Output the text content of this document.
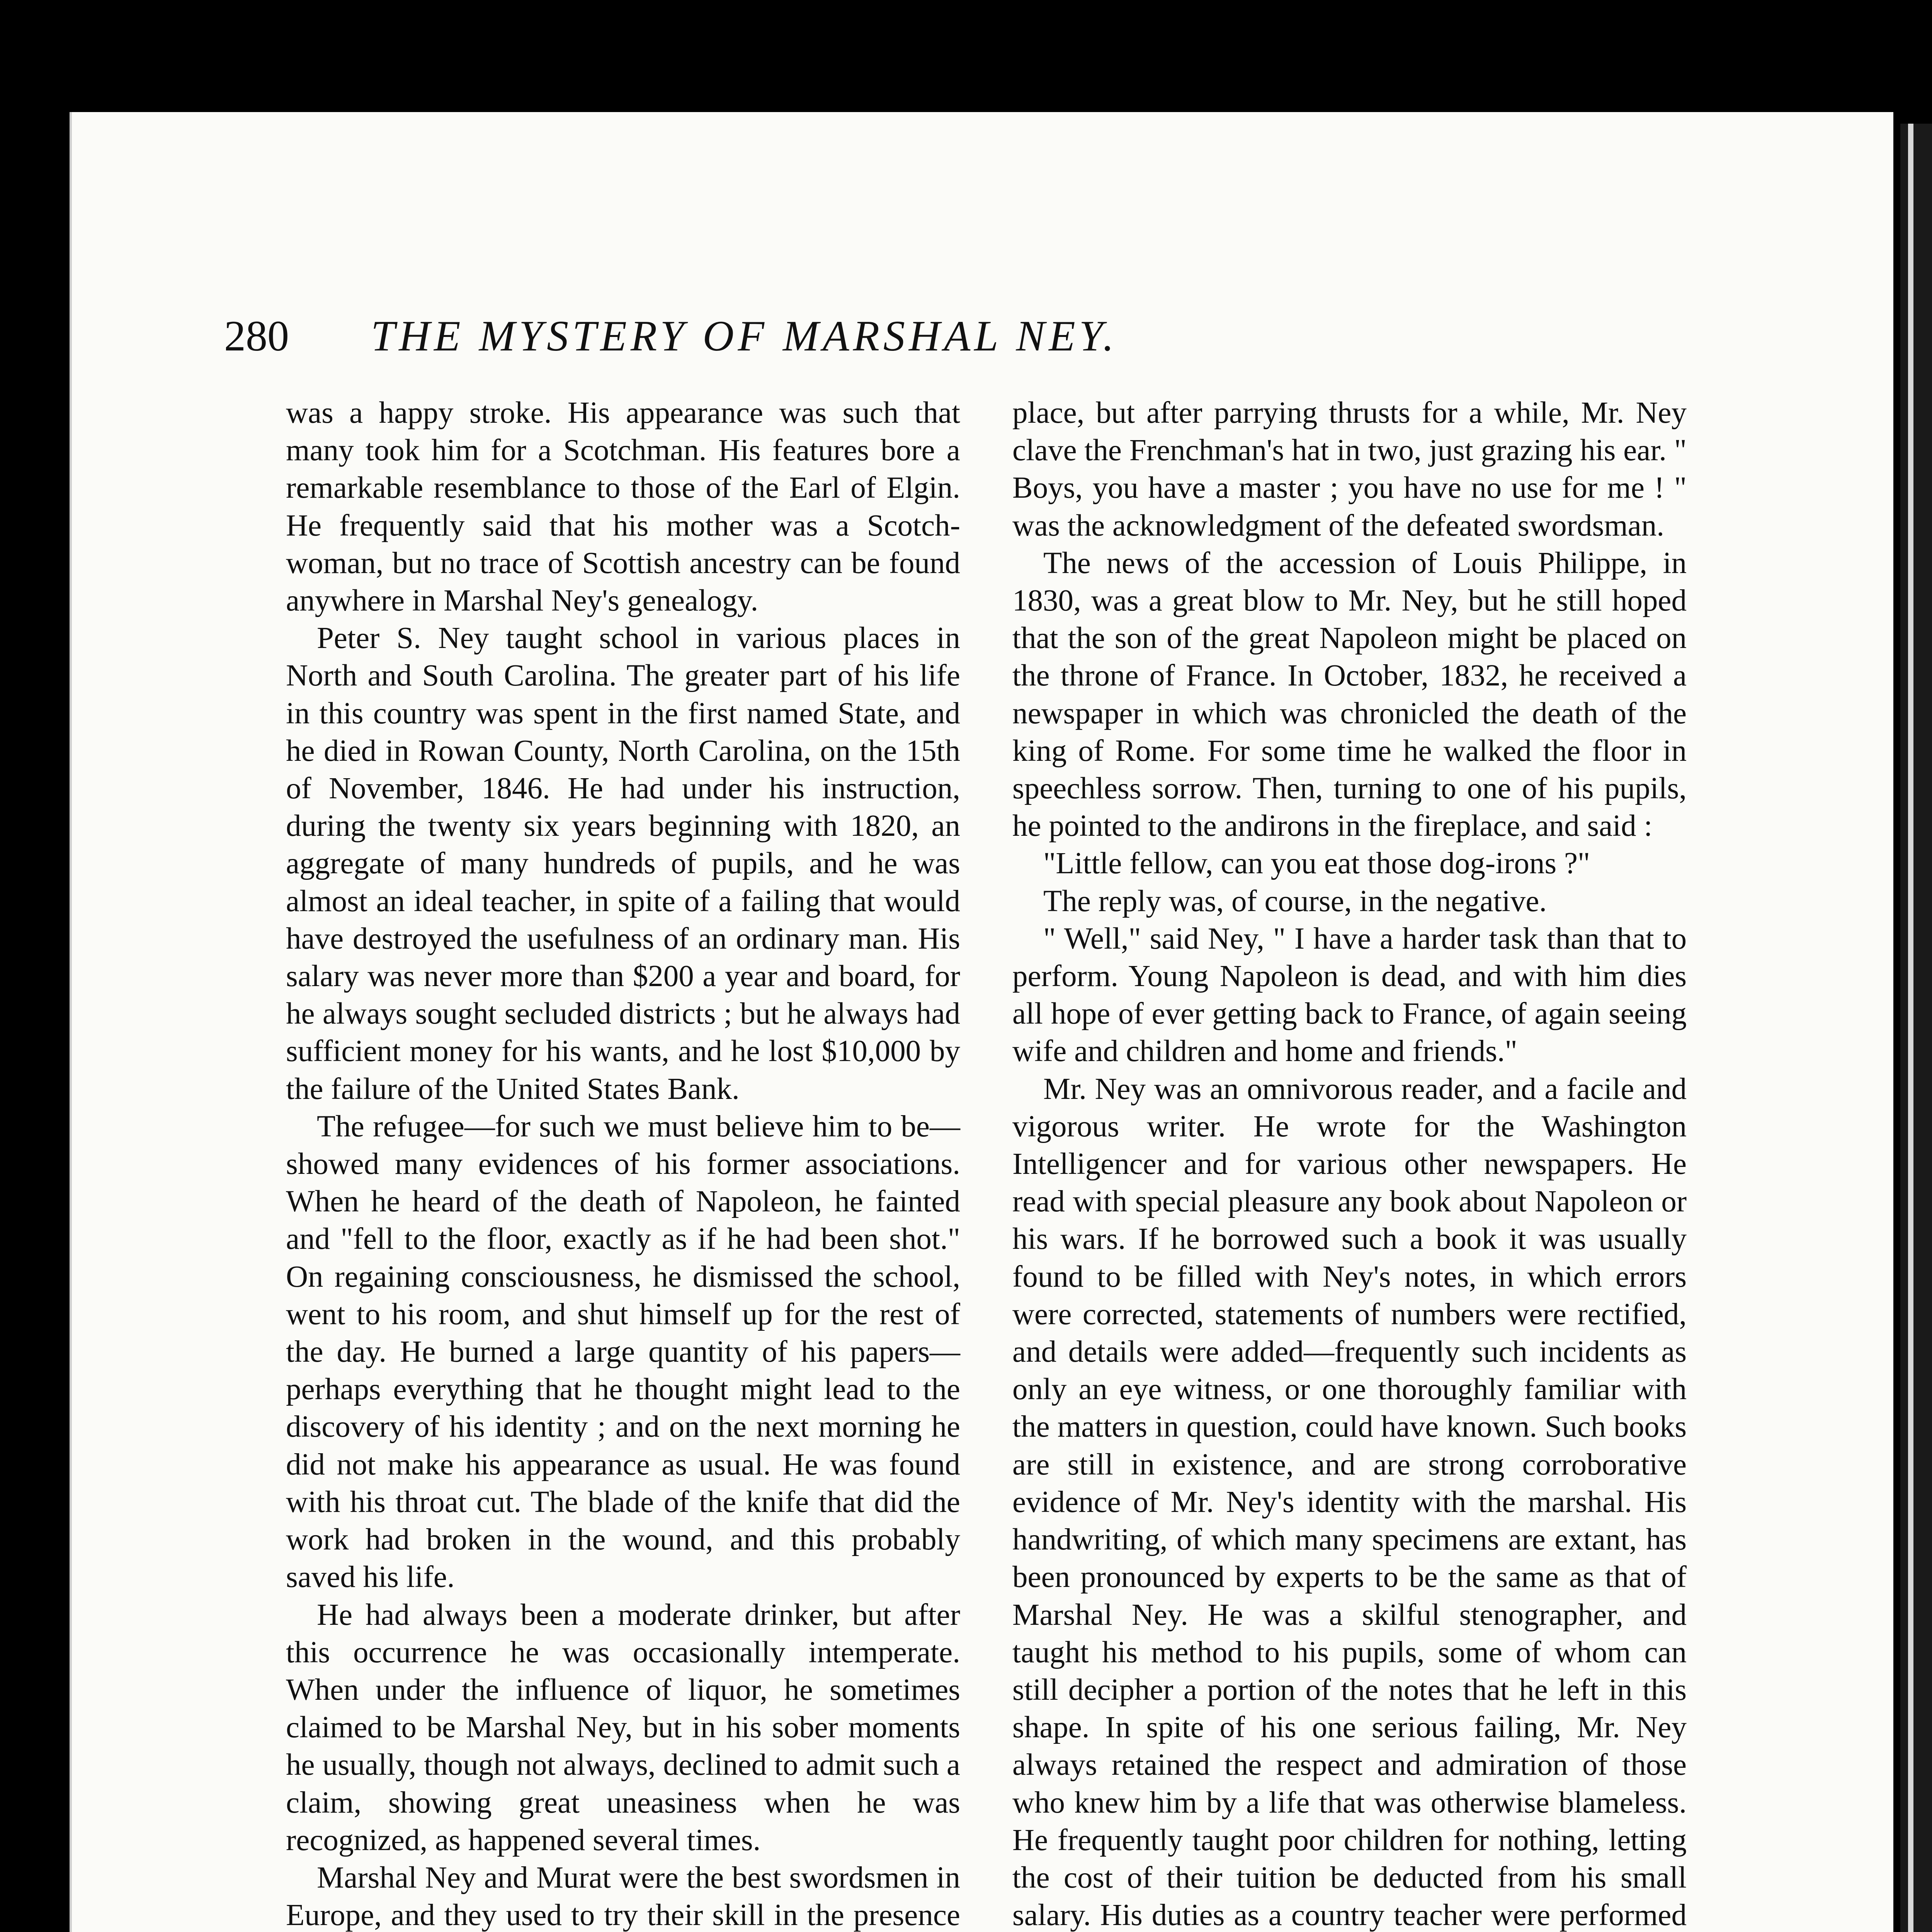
280 THE MYSTERY OF MARSHAL NEY.

was a happy stroke. His appearance was such that many took him for a Scotchman. His features bore a remarkable resemblance to those of the Earl of Elgin. He frequently said that his mother was a Scotchwoman, but no trace of Scottish ancestry can be found anywhere in Marshal Ney's genealogy.

Peter S. Ney taught school in various places in North and South Carolina. The greater part of his life in this country was spent in the first named State, and he died in Rowan County, North Carolina, on the 15th of November, 1846. He had under his instruction, during the twenty six years beginning with 1820, an aggregate of many hundreds of pupils, and he was almost an ideal teacher, in spite of a failing that would have destroyed the usefulness of an ordinary man. His salary was never more than $200 a year and board, for he always sought secluded districts ; but he always had sufficient money for his wants, and he lost $10,000 by the failure of the United States Bank.

The refugee—for such we must believe him to be—showed many evidences of his former associations. When he heard of the death of Napoleon, he fainted and "fell to the floor, exactly as if he had been shot." On regaining consciousness, he dismissed the school, went to his room, and shut himself up for the rest of the day. He burned a large quantity of his papers—perhaps everything that he thought might lead to the discovery of his identity ; and on the next morning he did not make his appearance as usual. He was found with his throat cut. The blade of the knife that did the work had broken in the wound, and this probably saved his life.

He had always been a moderate drinker, but after this occurrence he was occasionally intemperate. When under the influence of liquor, he sometimes claimed to be Marshal Ney, but in his sober moments he usually, though not always, declined to admit such a claim, showing great uneasiness when he was recognized, as happened several times.

Marshal Ney and Murat were the best swordsmen in Europe, and they used to try their skill in the presence

place, but after parrying thrusts for a while, Mr. Ney clave the Frenchman's hat in two, just grazing his ear. " Boys, you have a master ; you have no use for me ! " was the acknowledgment of the defeated swordsman.

The news of the accession of Louis Philippe, in 1830, was a great blow to Mr. Ney, but he still hoped that the son of the great Napoleon might be placed on the throne of France. In October, 1832, he received a newspaper in which was chronicled the death of the king of Rome. For some time he walked the floor in speechless sorrow. Then, turning to one of his pupils, he pointed to the andirons in the fireplace, and said :

"Little fellow, can you eat those dog-irons ?"

The reply was, of course, in the negative.

" Well," said Ney, " I have a harder task than that to perform. Young Napoleon is dead, and with him dies all hope of ever getting back to France, of again seeing wife and children and home and friends."

Mr. Ney was an omnivorous reader, and a facile and vigorous writer. He wrote for the Washington Intelligencer and for various other newspapers. He read with special pleasure any book about Napoleon or his wars. If he borrowed such a book it was usually found to be filled with Ney's notes, in which errors were corrected, statements of numbers were rectified, and details were added—frequently such incidents as only an eye witness, or one thoroughly familiar with the matters in question, could have known. Such books are still in existence, and are strong corroborative evidence of Mr. Ney's identity with the marshal. His handwriting, of which many specimens are extant, has been pronounced by experts to be the same as that of Marshal Ney. He was a skilful stenographer, and taught his method to his pupils, some of whom can still decipher a portion of the notes that he left in this shape. In spite of his one serious failing, Mr. Ney always retained the respect and admiration of those who knew him by a life that was otherwise blameless. He frequently taught poor children for nothing, letting the cost of their tuition be deducted from his small salary. His duties as a country teacher were performed
